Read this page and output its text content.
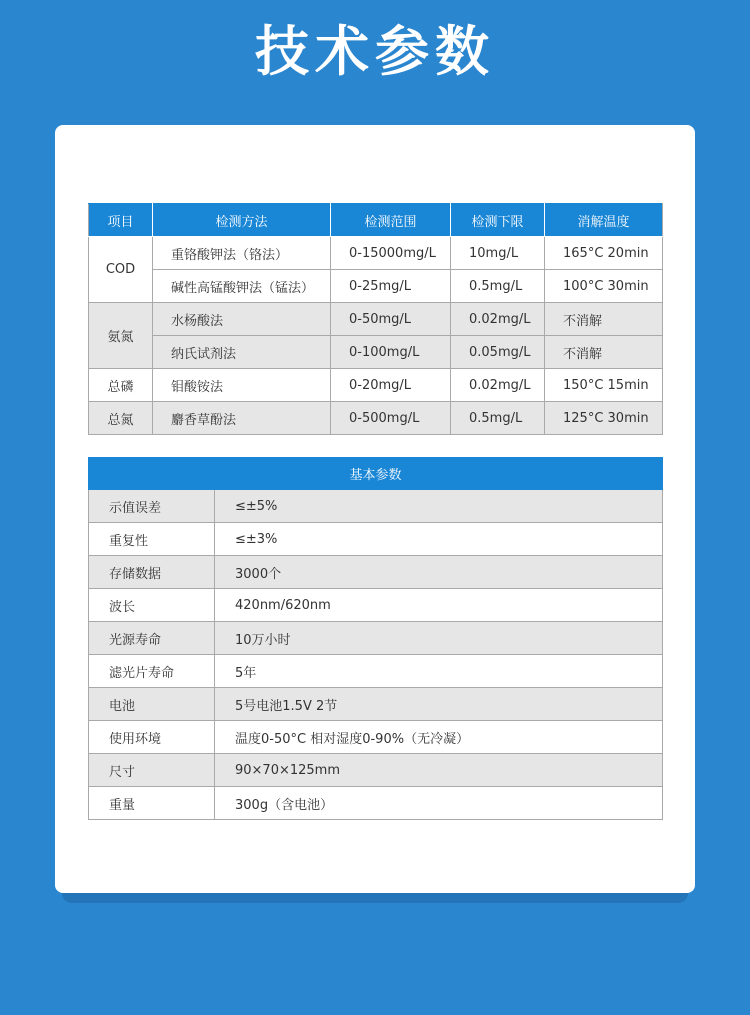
技术参数
项目	检测方法	检测范围	检测下限	消解温度
COD	重铬酸钾法（铬法）	0-15000mg/L	10mg/L	165°C 20min
	碱性高锰酸钾法（锰法）	0-25mg/L	0.5mg/L	100°C 30min
氨氮	水杨酸法	0-50mg/L	0.02mg/L	不消解
	纳氏试剂法	0-100mg/L	0.05mg/L	不消解
总磷	钼酸铵法	0-20mg/L	0.02mg/L	150°C 15min
总氮	麝香草酚法	0-500mg/L	0.5mg/L	125°C 30min
基本参数	
示值误差	≤±5%
重复性	≤±3%
存储数据	3000个
波长	420nm/620nm
光源寿命	10万小时
滤光片寿命	5年
电池	5号电池1.5V 2节
使用环境	温度0-50°C 相对湿度0-90%（无冷凝）
尺寸	90×70×125mm
重量	300g（含电池）
